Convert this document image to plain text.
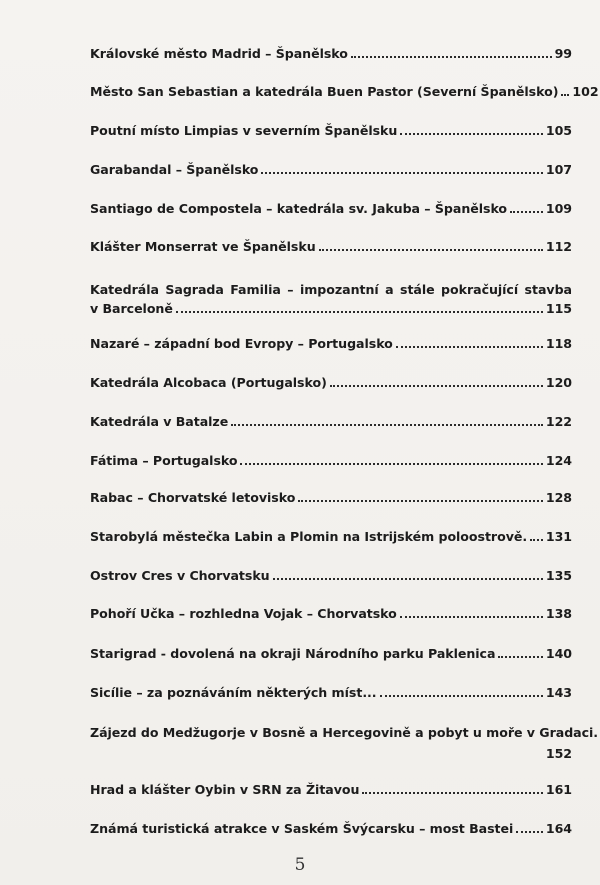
Královské město Madrid – Španělsko	99
Město San Sebastian a katedrála Buen Pastor (Severní Španělsko) 102
Poutní místo Limpias v severním Španělsku	105
Garabandal – Španělsko	107
Santiago de Compostela – katedrála sv. Jakuba – Španělsko	109
Klášter Monserrat ve Španělsku	112
Katedrála Sagrada Familia – impozantní a stále pokračující stavba
v Barceloně	115
Nazaré – západní bod Evropy – Portugalsko	118
Katedrála Alcobaca (Portugalsko)	120
Katedrála v Batalze	122
Fátima – Portugalsko	124
Rabac – Chorvatské letovisko	128
Starobylá městečka Labin a Plomin na Istrijském poloostrově. 131
Ostrov Cres v Chorvatsku	135
Pohoří Učka – rozhledna Vojak – Chorvatsko	138
Starigrad - dovolená na okraji Národního parku Paklenica	140
Sicílie – za poznáváním některých míst...	143
Zájezd do Medžugorje v Bosně a Hercegovině a pobyt u moře v Gradaci.
152
Hrad a klášter Oybin v SRN za Žitavou	161
Známá turistická atrakce v Saském Švýcarsku – most Bastei	164
5
